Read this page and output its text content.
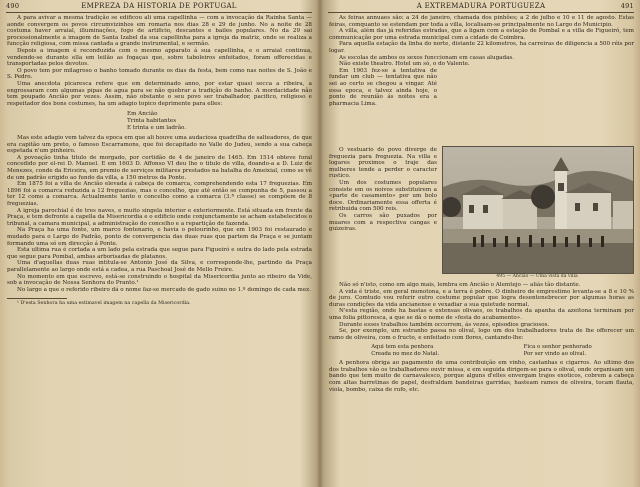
490	EMPREZA DA HISTORIA DE PORTUGAL

A para avivar a mesma tradição se edificou ali uma capellinha — com a invocação da Rainha Santa — aonde convergem os povos circumvizinhos em romaria nos dias 28 e 29 de junho. No a noite de 28 costuma haver arraial, illuminações, fogo de artificio, descantes e bailes populares. No da 29 sai processionalmente a imagem de Santa Izabel da sua capellinha para a igreja da matriz, onde se realiza a funcção religiosa, com missa cantada a grande instrumental, e sermão.

Depois a imagem é reconduzida com o mesmo apparato á sua capellinha, e o arraial continua, vendendo-se durante ella em leilão as fogaças que, sobre taboleiros enfeitados, foram offerecidas e transportadas pelos devotos.

O povo tem por milagroso o banho tomado durante os dias da festa, bem como nas noites de S. João e S. Pedro.

Uma anecdota picaresca refere que em determinado anno, por estar quasi secca a ribeira, a engrossaram com algumas pipas de agua para se não quebrar a tradição do banho. A mordacidade não tem poupado Ancião por vezes. Assim, não obstante o seu povo ser trabalhador, pacifico, religioso e respeitador dos bons costumes, ha um adagio topico deprimente para elles:

Em Ancião
Trinta habitantes
E trinta e um ladrão.

Mas este adagio vem talvez da epoca em que ali houve uma audaciosa quadrilha de salteadores, de que era capitão um preto, o famoso Escarramons, que foi decapitado no Valle do Judeu, sendo a sua cabeça espetada n'um pinheiro.

A povoação tinha titulo de morgado, por certidão de 4 de janeiro de 1465. Em 1514 obteve foral concedido por el-rei D. Manuel. E em 1603 D. Affonso VI deu lhe o titulo de villa, doando-a a D. Luiz de Menezes, conde da Ericeira, em premio de serviços militares prestados na batalha do Ameixial, como se vê de um padrão erigido ao fundo da villa, a 150 metros da Ponte.

Em 1875 foi a villa de Ancião elevada á cabeça de comarca, comprehendendo esta 17 freguezias. Em 1896 foi a comarca reduzida a 12 freguezias, mas o concelho, que até então se compunha de 5, passou a ter 12 como a comarca. Actualmente tanto o concelho como a comarca (3.ª classe) se compõem de 8 freguezias.

A igreja parochial é de tres naves, e muito singela interior e exteriormente. Está situada em frente da Praça, e tem defronte a capella da Misericordia e o edificio onde conjunctamente se acham estabelecidos o tribunal, a camara municipal, a administração do concelho e a repartição de fazenda.

Na Praça ha uma fonte, um marco fontenario, e havia o pelourinho, que em 1903 foi restaurado e mudado para o Largo do Padrão, ponto de convergencia das duas ruas que partem da Praça e se juntam formando uma só em direcção á Ponte.

Esta ultima rua é cortada a um lado pela estrada que segue para Figueiró e outra do lado pela estrada que segue para Pombal, ambas arborisadas de platanos.

Uma d'aquellas duas ruas intitula-se Antonio José da Silva, e corresponde-lhe, partindo da Praça parallelamente ao largo onde está a cadea, a rua Paschoal José de Mello Freire.

No momento em que escrevo, está-se construindo o hospital da Misericordia junto ao ribeiro da Vide, sob a invocação de Nossa Senhora do Pranto.¹

No largo a que o referido ribeiro dá o nome faz-se mercado de gado suino no 1.º domingo de cada mez.

¹ D'esta Senhora ha uma estimavel imagem na capella da Misericordia.

A EXTREMADURA PORTUGUEZA	491

As feiras annuaes são: a 24 de janeiro, chamada dos pinhões; a 2 de julho e 10 e 11 de agosto. Estas feiras, comquanto se estendam por toda a villa, localisam-se principalmente no Largo do Municipio.

A villa, além das já referidas estradas, que a ligam com a estação de Pombal e a villa de Figueiró, tem communicação por uma estrada municipal com a cidade de Coimbra.

Para aquella estação da linha do norte, distante 22 kilometros, ha carreiras de diligencia a 500 réis por logar.

As escolas de ambos os sexos funccionam em casas alugadas.

Não existe theatro. Hotel um só, o do Valente.

Em 1903 fez-se a tentativa de fundar um club — tentativa que não sei ao certo se chegou a vingar. Até essa epoca, e talvez ainda hoje, o ponto de reunião ás noites era a pharmacia Lima.

O vestuario do povo diverge de freguezia para freguezia. Na villa e logares proximos o traje das mulheres tende a perder o caracter rustico.

Um dos costumes populares consiste em os noivos substituirem a «parte de casamento» por um bolo doce. Ordinariamente essa offerta é retribuida com 500 reis.

Os carros são puxados por muares com a respectiva cangas e guizeiras.

495 — Ancião — Uma vista da villa

Não só n'isto, como em algo mais, lembra em Ancião o Alemtejo — aliás tão distante.

A vida é triste, em geral monotona, e a terra é pobre. O dinheiro de emprestimo levanta-se a 8 e 10 % de juro. Comtudo vou referir outro costume popular que logra desentenebrecer por algumas horas as duras condições da vida ancianense e vexadiar a sua quietude normal.

N'esta região, onde ha bastas e extensas olivaes, os trabalhos da apanha da azeitona terminam por uma folia pittoresca, a que se dá o nome de «festa do acabamento».

Durante esses trabalhos também occorrem, ás vezes, episodios graciosos.

Se, por exemplo, um estranho passa no olival, logo um dos trabalhadores trata de lhe offerecer um ramo de oliveira, com o fructo, e enfeitado com flores, cantando-lhe:

Aqui tem esta penhora
Creada no mez do Natal.
Fica o senhor penhorado
Por ser vindo ao olival.

A penhora obriga ao pagamento de uma contribuição em vinho, castanhas e cigarros. Ao ultimo dos dos trabalhos vão os trabalhadores ouvir missa, e em seguida dirigem-se para o olival, onde organisam um bando que tem muito de carnavalesco, porque alguns d'elles envergam trajos exoticos, cobrem a cabeça com altas barretinas de papel, desfraldam bandeiras garridas, hasteam ramos de oliveira, tocam flauta, viola, bombo, caixa de rufo, etc.
